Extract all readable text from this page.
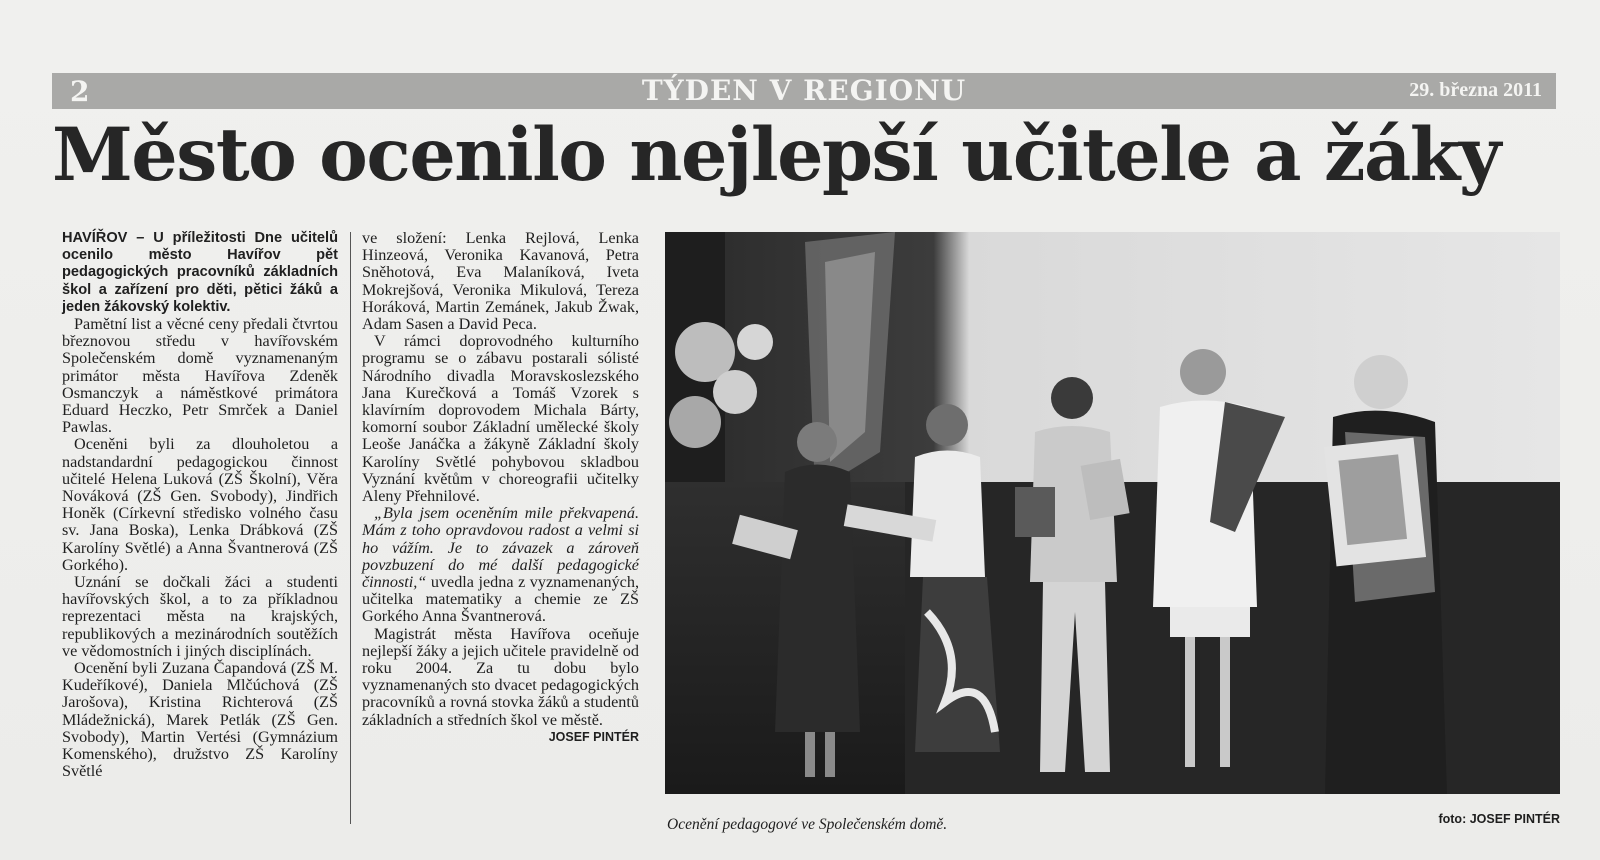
2	TÝDEN V REGIONU	29. března 2011
Město ocenilo nejlepší učitele a žáky

HAVÍŘOV – U příležitosti Dne učitelů ocenilo město Havířov pět pedagogických pracovníků základních škol a zařízení pro děti, pětici žáků a jeden žákovský kolektiv.

Pamětní list a věcné ceny předali čtvrtou březnovou středu v havířovském Společenském domě vyznamenaným primátor města Havířova Zdeněk Osmanczyk a náměstkové primátora Eduard Heczko, Petr Smrček a Daniel Pawlas.

Oceněni byli za dlouholetou a nadstandardní pedagogickou činnost učitelé Helena Luková (ZŠ Školní), Věra Nováková (ZŠ Gen. Svobody), Jindřich Honěk (Církevní středisko volného času sv. Jana Boska), Lenka Drábková (ZŠ Karolíny Světlé) a Anna Švantnerová (ZŠ Gorkého).

Uznání se dočkali žáci a studenti havířovských škol, a to za příkladnou reprezentaci města na krajských, republikových a mezinárodních soutěžích ve vědomostních i jiných disciplínách.

Ocenění byli Zuzana Čapandová (ZŠ M. Kudeříkové), Daniela Mlčúchová (ZŠ Jarošova), Kristina Richterová (ZŠ Mládežnická), Marek Petlák (ZŠ Gen. Svobody), Martin Vertési (Gymnázium Komenského), družstvo ZŠ Karolíny Světlé

ve složení: Lenka Rejlová, Lenka Hinzeová, Veronika Kavanová, Petra Sněhotová, Eva Malaníková, Iveta Mokrejšová, Veronika Mikulová, Tereza Horáková, Martin Zemánek, Jakub Žwak, Adam Sasen a David Peca.

V rámci doprovodného kulturního programu se o zábavu postarali sólisté Národního divadla Moravskoslezského Jana Kurečková a Tomáš Vzorek s klavírním doprovodem Michala Bárty, komorní soubor Základní umělecké školy Leoše Janáčka a žákyně Základní školy Karolíny Světlé pohybovou skladbou Vyznání květům v choreografii učitelky Aleny Přehnilové.

„Byla jsem oceněním mile překvapená. Mám z toho opravdovou radost a velmi si ho vážím. Je to závazek a zároveň povzbuzení do mé další pedagogické činnosti,“ uvedla jedna z vyznamenaných, učitelka matematiky a chemie ze ZŠ Gorkého Anna Švantnerová.

Magistrát města Havířova oceňuje nejlepší žáky a jejich učitele pravidelně od roku 2004. Za tu dobu bylo vyznamenaných sto dvacet pedagogických pracovníků a rovná stovka žáků a studentů základních a středních škol ve městě.
JOSEF PINTÉR

Ocenění pedagogové ve Společenském domě.	foto: JOSEF PINTÉR
